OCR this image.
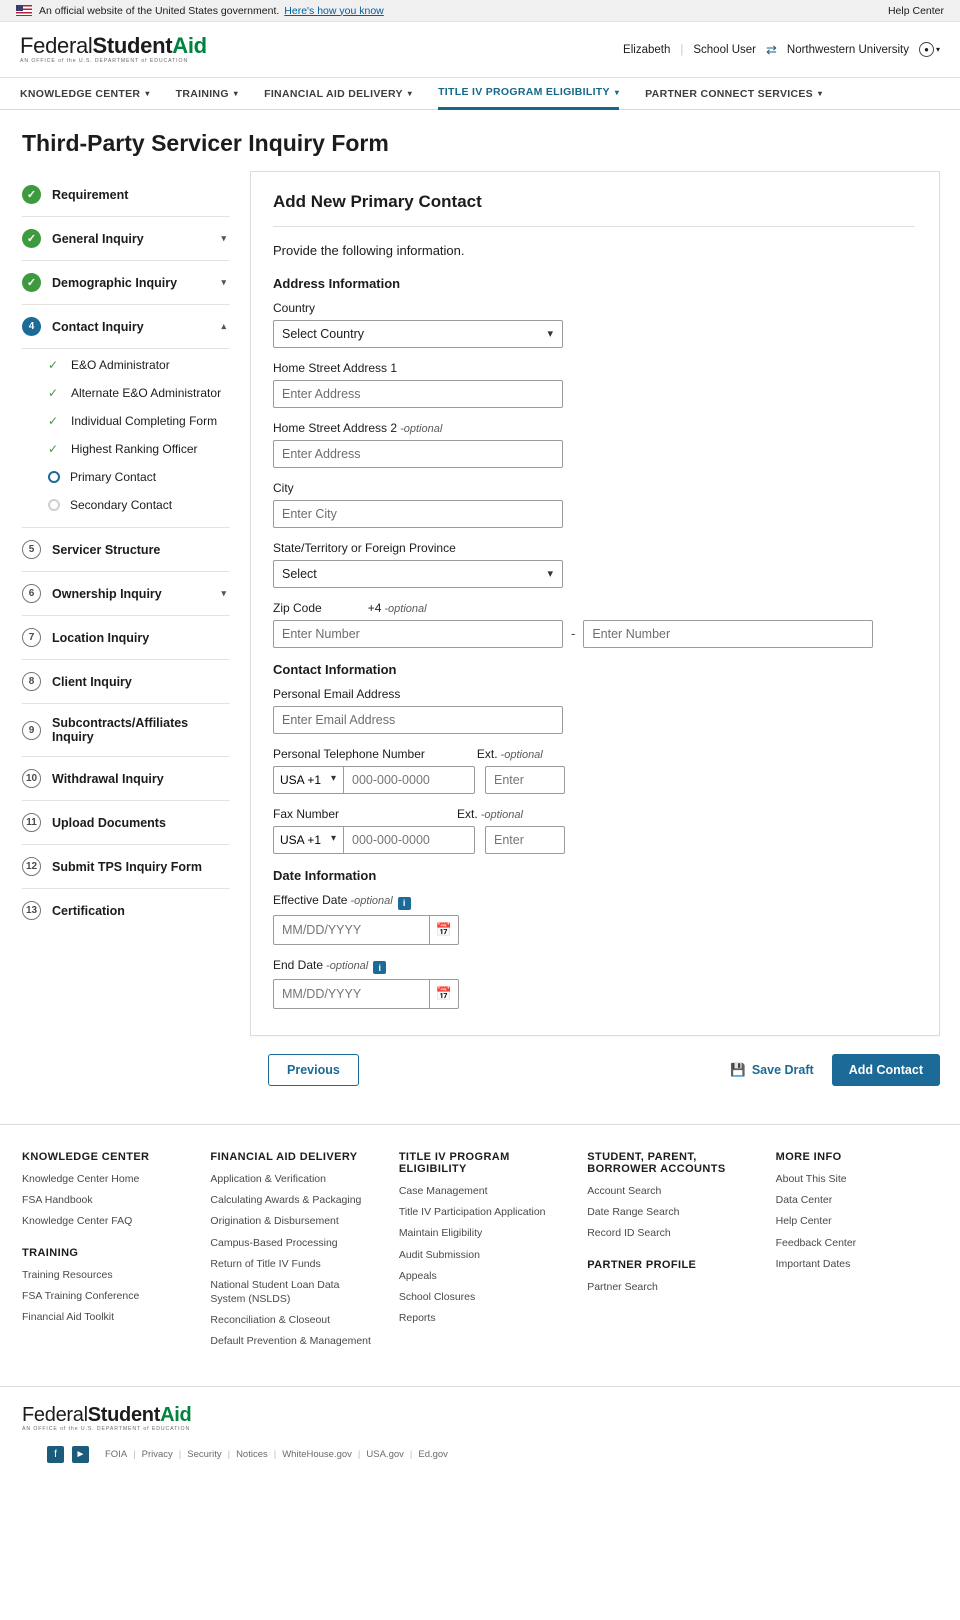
An official website of the United States government. Here's how you know	Help Center
FederalStudentAid
AN OFFICE of the U.S. DEPARTMENT of EDUCATION
Elizabeth | School User ⇄ Northwestern University	● ▾
KNOWLEDGE CENTER ▾ TRAINING ▾ FINANCIAL AID DELIVERY ▾ TITLE IV PROGRAM ELIGIBILITY ▾ PARTNER CONNECT SERVICES ▾
Third-Party Servicer Inquiry Form
✓	Requirement
✓	General Inquiry	▾
✓	Demographic Inquiry	▾
4	Contact Inquiry	▴
✓ E&O Administrator
✓ Alternate E&O Administrator
✓ Individual Completing Form
✓ Highest Ranking Officer
Primary Contact
Secondary Contact
5	Servicer Structure
6	Ownership Inquiry	▾
7	Location Inquiry
8	Client Inquiry
9	Subcontracts/Affiliates Inquiry
10	Withdrawal Inquiry
11	Upload Documents
12	Submit TPS Inquiry Form
13	Certification
Add New Primary Contact
Provide the following information.
Address Information
Country
Select Country ▾
Home Street Address 1
Enter Address
Home Street Address 2 -optional
Enter Address
City
Enter City
State/Territory or Foreign Province
Select ▾
Zip Code	+4 -optional
Enter Number
-
Enter Number
Contact Information
Personal Email Address
Enter Email Address
Personal Telephone Number	Ext. -optional
USA +1 ▾
000-000-0000
Enter
Fax Number	Ext. -optional
USA +1 ▾
000-000-0000
Enter
Date Information
Effective Date -optional i
MM/DD/YYYY
📅
End Date -optional i
MM/DD/YYYY
📅
Previous	💾 Save Draft	Add Contact
KNOWLEDGE CENTER
Knowledge Center Home
FSA Handbook
Knowledge Center FAQ
TRAINING
Training Resources
FSA Training Conference
Financial Aid Toolkit
FINANCIAL AID DELIVERY
Application & Verification
Calculating Awards & Packaging
Origination & Disbursement
Campus-Based Processing
Return of Title IV Funds
National Student Loan Data System (NSLDS)
Reconciliation & Closeout
Default Prevention & Management
TITLE IV PROGRAM ELIGIBILITY
Case Management
Title IV Participation Application
Maintain Eligibility
Audit Submission
Appeals
School Closures
Reports
STUDENT, PARENT, BORROWER ACCOUNTS
Account Search
Date Range Search
Record ID Search
PARTNER PROFILE
Partner Search
MORE INFO
About This Site
Data Center
Help Center
Feedback Center
Important Dates
FederalStudentAid
AN OFFICE of the U.S. DEPARTMENT of EDUCATION
f	►	FOIA | Privacy | Security | Notices | WhiteHouse.gov | USA.gov | Ed.gov
